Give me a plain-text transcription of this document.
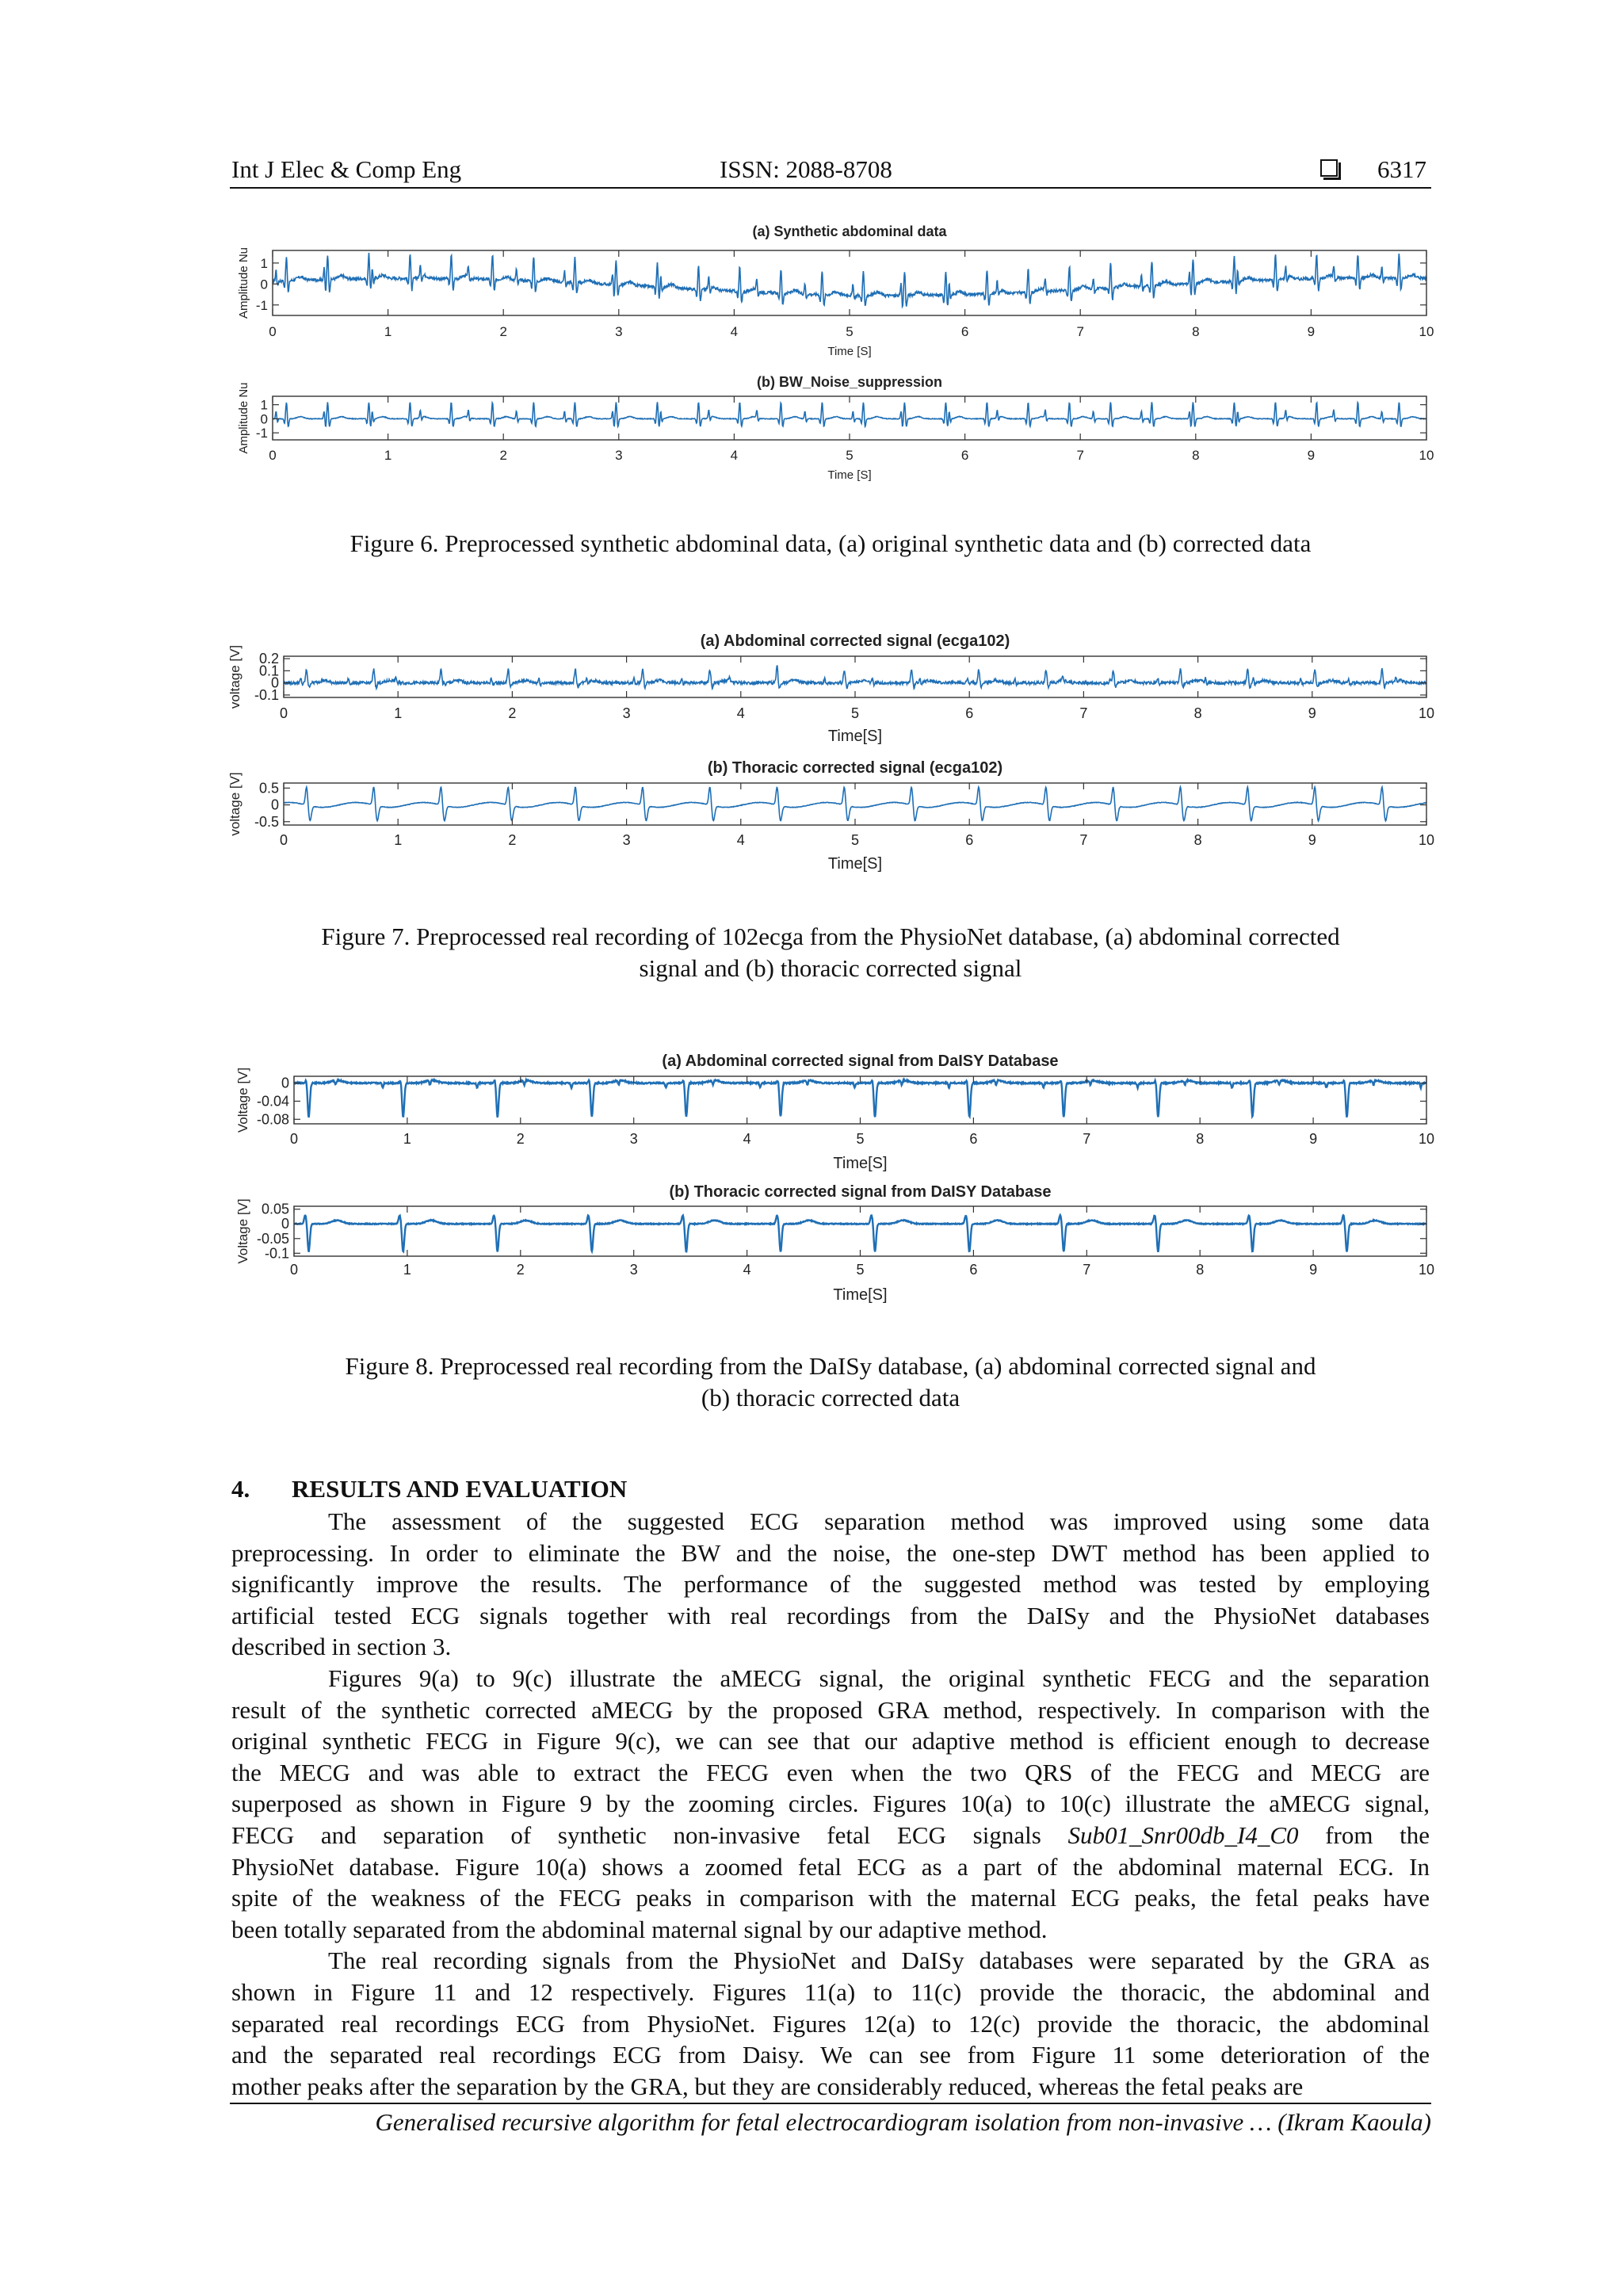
Int J Elec & Comp Eng	ISSN: 2088-8708	6317
0	1	2	3	4	5	6	7	8	9	10
1
0
-1
(a) Synthetic abdominal data
Time [S]
Amplitude Nu
0	1	2	3	4	5	6	7	8	9	10
1
0
-1
(b) BW_Noise_suppression
Time [S]
Amplitude Nu
0	1	2	3	4	5	6	7	8	9	10
0.2
0.1
0
-0.1
(a) Abdominal corrected signal (ecga102)
Time[S]
voltage [V]
0	1	2	3	4	5	6	7	8	9	10
0.5
0
-0.5
(b) Thoracic corrected signal (ecga102)
Time[S]
voltage [V]
0	1	2	3	4	5	6	7	8	9	10
0
-0.04
-0.08
(a) Abdominal corrected signal from DaISY Database
Time[S]
Voltage [V]
0	1	2	3	4	5	6	7	8	9	10
0.05
0
-0.05
-0.1
(b) Thoracic corrected signal from DaISY Database
Time[S]
Voltage [V]
Figure 6. Preprocessed synthetic abdominal data, (a) original synthetic data and (b) corrected data
Figure 7. Preprocessed real recording of 102ecga from the PhysioNet database, (a) abdominal corrected
signal and (b) thoracic corrected signal
Figure 8. Preprocessed real recording from the DaISy database, (a) abdominal corrected signal and
(b) thoracic corrected data
4. RESULTS AND EVALUATION
The assessment of the suggested ECG separation method was improved using some data
preprocessing. In order to eliminate the BW and the noise, the one-step DWT method has been applied to
significantly improve the results. The performance of the suggested method was tested by employing
artificial tested ECG signals together with real recordings from the DaISy and the PhysioNet databases
described in section 3.
Figures 9(a) to 9(c) illustrate the aMECG signal, the original synthetic FECG and the separation
result of the synthetic corrected aMECG by the proposed GRA method, respectively. In comparison with the
original synthetic FECG in Figure 9(c), we can see that our adaptive method is efficient enough to decrease
the MECG and was able to extract the FECG even when the two QRS of the FECG and MECG are
superposed as shown in Figure 9 by the zooming circles. Figures 10(a) to 10(c) illustrate the aMECG signal,
FECG and separation of synthetic non-invasive fetal ECG signals Sub01_Snr00db_I4_C0 from the
PhysioNet database. Figure 10(a) shows a zoomed fetal ECG as a part of the abdominal maternal ECG. In
spite of the weakness of the FECG peaks in comparison with the maternal ECG peaks, the fetal peaks have
been totally separated from the abdominal maternal signal by our adaptive method.
The real recording signals from the PhysioNet and DaISy databases were separated by the GRA as
shown in Figure 11 and 12 respectively. Figures 11(a) to 11(c) provide the thoracic, the abdominal and
separated real recordings ECG from PhysioNet. Figures 12(a) to 12(c) provide the thoracic, the abdominal
and the separated real recordings ECG from Daisy. We can see from Figure 11 some deterioration of the
mother peaks after the separation by the GRA, but they are considerably reduced, whereas the fetal peaks are
Generalised recursive algorithm for fetal electrocardiogram isolation from non-invasive … (Ikram Kaoula)
